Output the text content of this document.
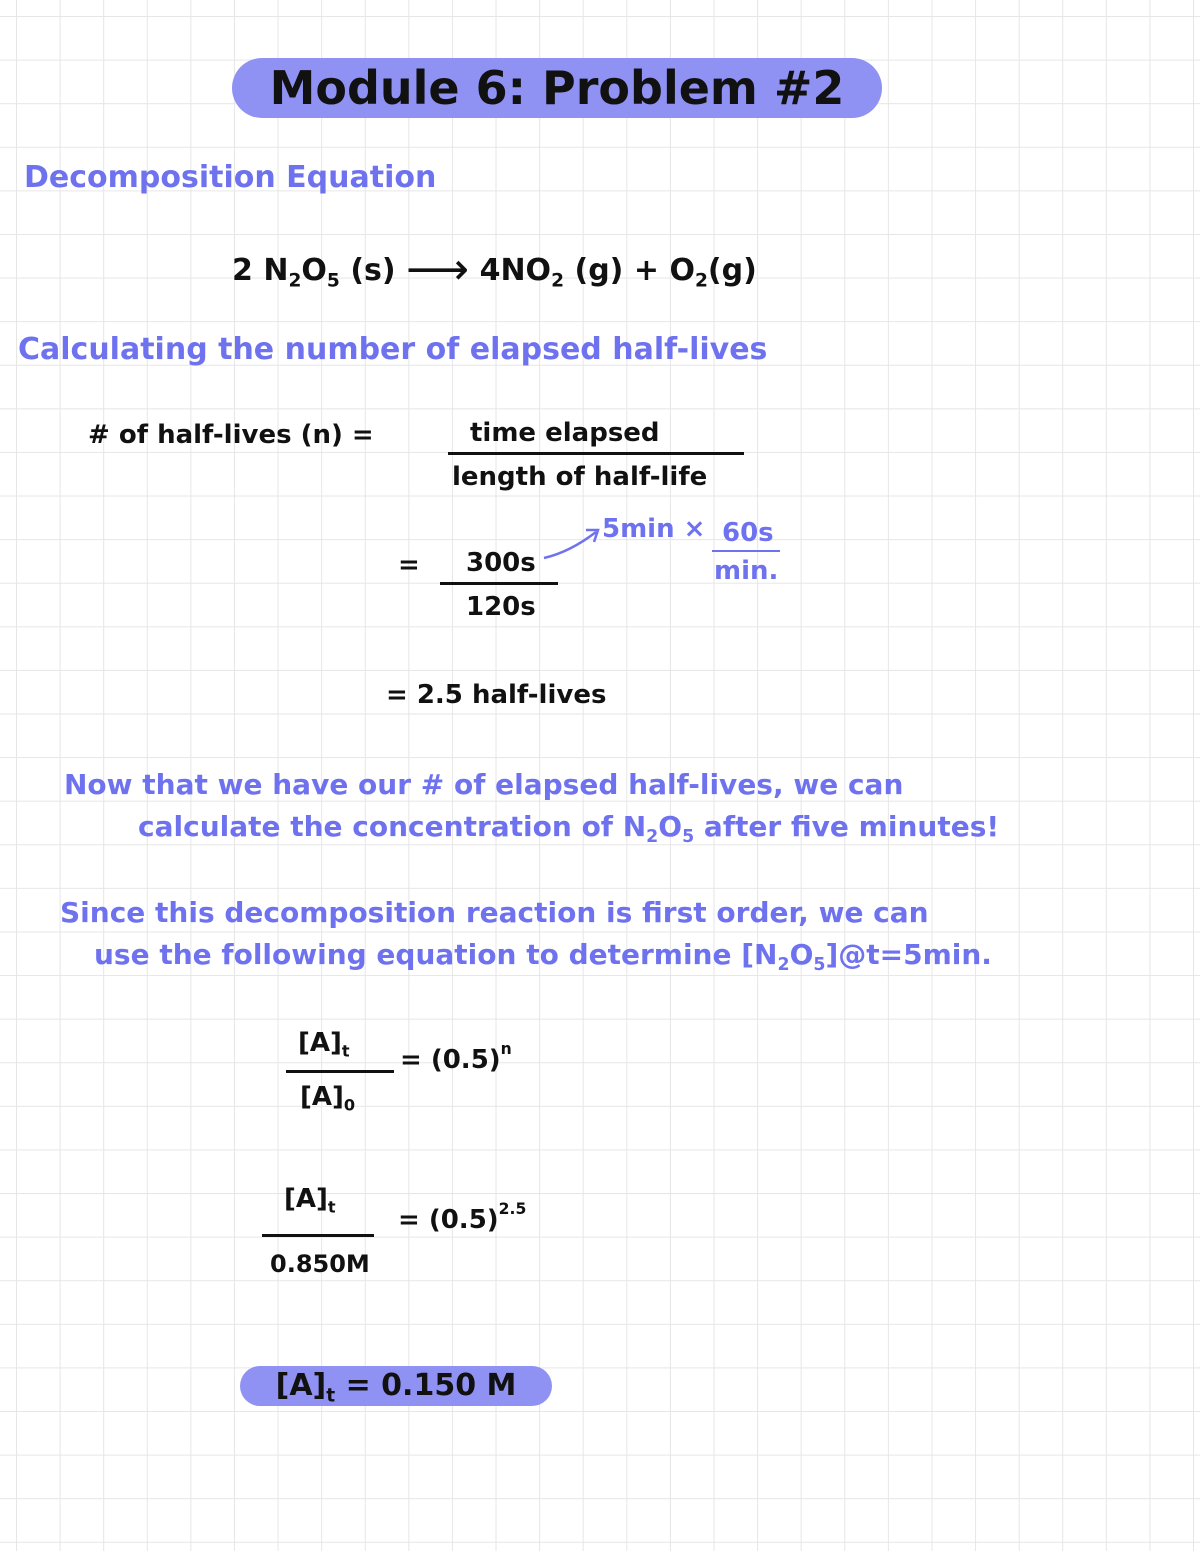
Module 6: Problem #2
Decomposition Equation
2 $N_2O_5$ (s) ⟶ $4NO_2$ $(g) + O_2(g)$
Calculating the number of elapsed half-lives
# of half-lives (n) =	time elapsed
length of half-life
= 300s
120s
5min × 60s
min.
= 2.5 half-lives
Now that we have our # of elapsed half-lives, we can
calculate the concentration of $N_2O_5$ after five minutes!
Since this decomposition reaction is first order, we can
use the following equation to determine $[N_2O_5]@t=5\min$.
$[A]_t$
$[A]_0$
= $(0.5)^n$
$[A]_t$
0.850M
= $(0.5)^{2.5}$
$[A]_t = 0.150$ M
